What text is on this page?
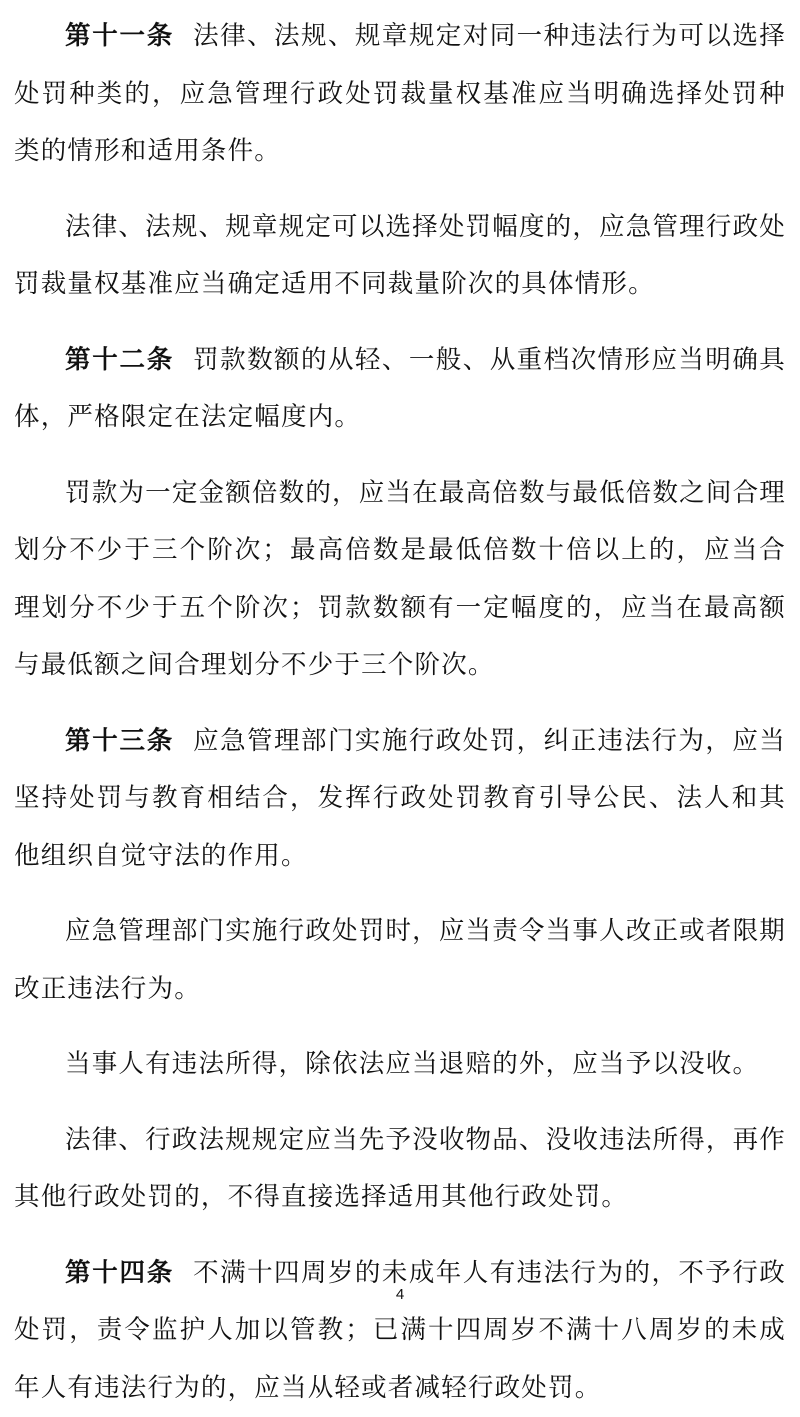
第十一条 法律、法规、规章规定对同一种违法行为可以选择处罚种类的，应急管理行政处罚裁量权基准应当明确选择处罚种类的情形和适用条件。

法律、法规、规章规定可以选择处罚幅度的，应急管理行政处罚裁量权基准应当确定适用不同裁量阶次的具体情形。

第十二条 罚款数额的从轻、一般、从重档次情形应当明确具体，严格限定在法定幅度内。

罚款为一定金额倍数的，应当在最高倍数与最低倍数之间合理划分不少于三个阶次；最高倍数是最低倍数十倍以上的，应当合理划分不少于五个阶次；罚款数额有一定幅度的，应当在最高额与最低额之间合理划分不少于三个阶次。

第十三条 应急管理部门实施行政处罚，纠正违法行为，应当坚持处罚与教育相结合，发挥行政处罚教育引导公民、法人和其他组织自觉守法的作用。

应急管理部门实施行政处罚时，应当责令当事人改正或者限期改正违法行为。

当事人有违法所得，除依法应当退赔的外，应当予以没收。

法律、行政法规规定应当先予没收物品、没收违法所得，再作其他行政处罚的，不得直接选择适用其他行政处罚。

第十四条 不满十四周岁的未成年人有违法行为的，不予行政处罚，责令监护人加以管教；已满十四周岁不满十八周岁的未成年人有违法行为的，应当从轻或者减轻行政处罚。

4
